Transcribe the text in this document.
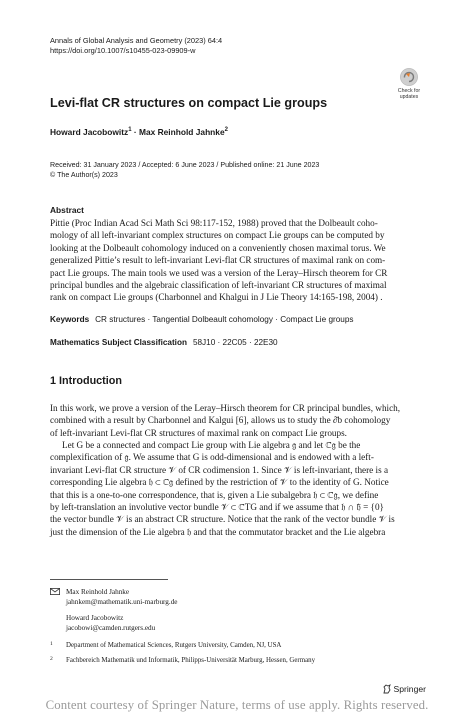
Annals of Global Analysis and Geometry (2023) 64:4
https://doi.org/10.1007/s10455-023-09909-w
Check for
updates
Levi-flat CR structures on compact Lie groups
Howard Jacobowitz$^1$ · Max Reinhold Jahnke$^2$
Received: 31 January 2023 / Accepted: 6 June 2023 / Published online: 21 June 2023
© The Author(s) 2023
Abstract
Pittie (Proc Indian Acad Sci Math Sci 98:117-152, 1988) proved that the Dolbeault coho-
mology of all left-invariant complex structures on compact Lie groups can be computed by
looking at the Dolbeault cohomology induced on a conveniently chosen maximal torus. We
generalized Pittie’s result to left-invariant Levi-flat CR structures of maximal rank on com-
pact Lie groups. The main tools we used was a version of the Leray–Hirsch theorem for CR
principal bundles and the algebraic classification of left-invariant CR structures of maximal
rank on compact Lie groups (Charbonnel and Khalgui in J Lie Theory 14:165-198, 2004) .
Keywords CR structures · Tangential Dolbeault cohomology · Compact Lie groups
Mathematics Subject Classification 58J10 · 22C05 · 22E30
1 Introduction
In this work, we prove a version of the Leray–Hirsch theorem for CR principal bundles, which,
combined with a result by Charbonnel and Kalgui [6], allows us to study the ∂̄b cohomology
of left-invariant Levi-flat CR structures of maximal rank on compact Lie groups.
Let G be a connected and compact Lie group with Lie algebra 𝔤 and let ℂ𝔤 be the
complexification of 𝔤. We assume that G is odd-dimensional and is endowed with a left-
invariant Levi-flat CR structure 𝒱 of CR codimension 1. Since 𝒱 is left-invariant, there is a
corresponding Lie algebra 𝔥 ⊂ ℂ𝔤 defined by the restriction of 𝒱 to the identity of G. Notice
that this is a one-to-one correspondence, that is, given a Lie subalgebra 𝔥 ⊂ ℂ𝔤, we define
by left-translation an involutive vector bundle 𝒱 ⊂ ℂTG and if we assume that 𝔥 ∩ 𝔥̄ = {0}
the vector bundle 𝒱 is an abstract CR structure. Notice that the rank of the vector bundle 𝒱 is
just the dimension of the Lie algebra 𝔥 and that the commutator bracket and the Lie algebra
Max Reinhold Jahnke
jahnkem@mathematik.uni-marburg.de
Howard Jacobowitz
jacobowi@camden.rutgers.edu
1 Department of Mathematical Sciences, Rutgers University, Camden, NJ, USA
2 Fachbereich Mathematik und Informatik, Philipps-Universität Marburg, Hessen, Germany
Springer
Content courtesy of Springer Nature, terms of use apply. Rights reserved.
